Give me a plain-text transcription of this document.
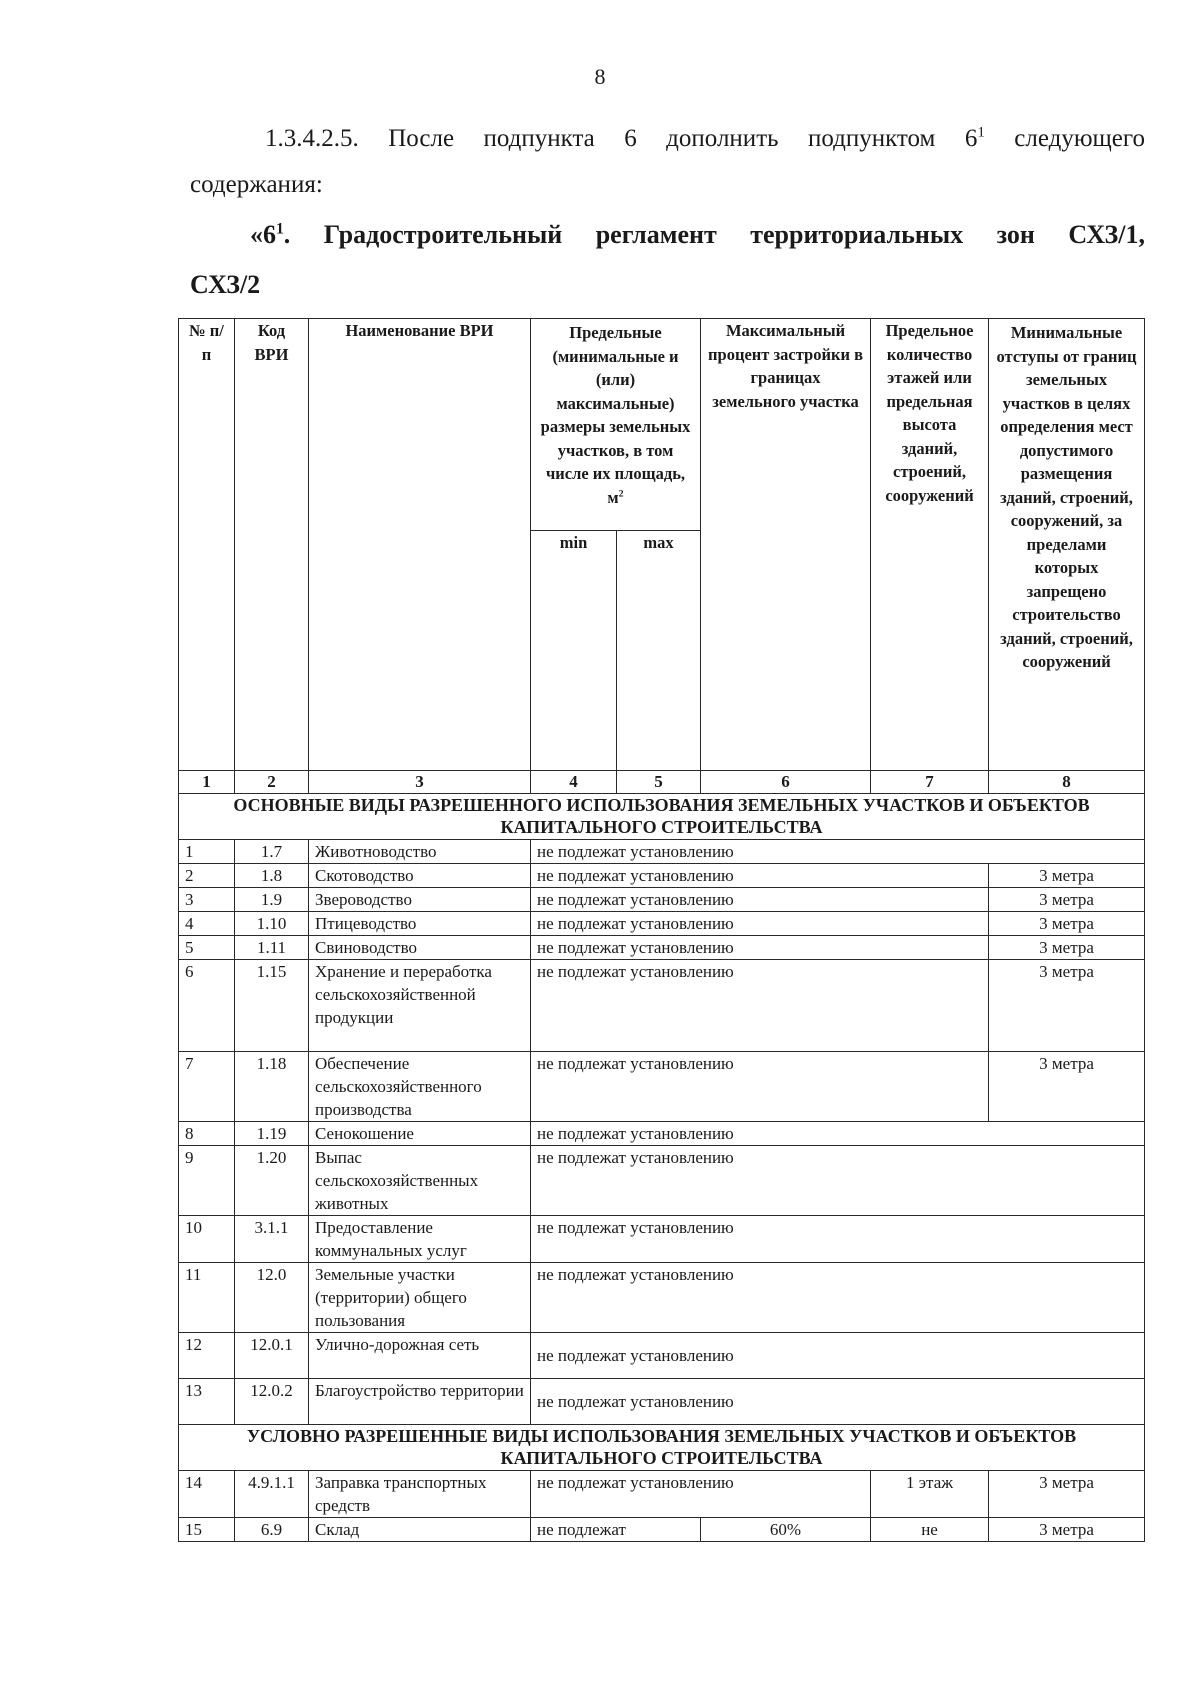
8
1.3.4.2.5. После подпункта 6 дополнить подпунктом $6^1$ следующего
содержания:
«$6^1$. Градостроительный регламент территориальных зон СХЗ/1,
СХЗ/2
№ п/п	Код ВРИ	Наименование ВРИ	Предельные (минимальные и (или) максимальные) размеры земельных участков, в том числе их площадь, $м^2$		Максимальный процент застройки в границах земельного участка	Предельное количество этажей или предельная высота зданий, строений, сооружений	Минимальные отступы от границ земельных участков в целях определения мест допустимого размещения зданий, строений, сооружений, за пределами которых запрещено строительство зданий, строений, сооружений
			min	max			
1	2	3	4	5	6	7	8
ОСНОВНЫЕ ВИДЫ РАЗРЕШЕННОГО ИСПОЛЬЗОВАНИЯ ЗЕМЕЛЬНЫХ УЧАСТКОВ И ОБЪЕКТОВ КАПИТАЛЬНОГО СТРОИТЕЛЬСТВА							
1	1.7	Животноводство	не подлежат установлению				
2	1.8	Скотоводство	не подлежат установлению				3 метра
3	1.9	Звероводство	не подлежат установлению				3 метра
4	1.10	Птицеводство	не подлежат установлению				3 метра
5	1.11	Свиноводство	не подлежат установлению				3 метра
6	1.15	Хранение и переработка сельскохозяйственной продукции	не подлежат установлению				3 метра
7	1.18	Обеспечение сельскохозяйственного производства	не подлежат установлению				3 метра
8	1.19	Сенокошение	не подлежат установлению				
9	1.20	Выпас сельскохозяйственных животных	не подлежат установлению				
10	3.1.1	Предоставление коммунальных услуг	не подлежат установлению				
11	12.0	Земельные участки (территории) общего пользования	не подлежат установлению				
12	12.0.1	Улично-дорожная сеть	не подлежат установлению				
13	12.0.2	Благоустройство территории	не подлежат установлению				
УСЛОВНО РАЗРЕШЕННЫЕ ВИДЫ ИСПОЛЬЗОВАНИЯ ЗЕМЕЛЬНЫХ УЧАСТКОВ И ОБЪЕКТОВ КАПИТАЛЬНОГО СТРОИТЕЛЬСТВА							
14	4.9.1.1	Заправка транспортных средств	не подлежат установлению			1 этаж	3 метра
15	6.9	Склад	не подлежат		60%	не	3 метра
